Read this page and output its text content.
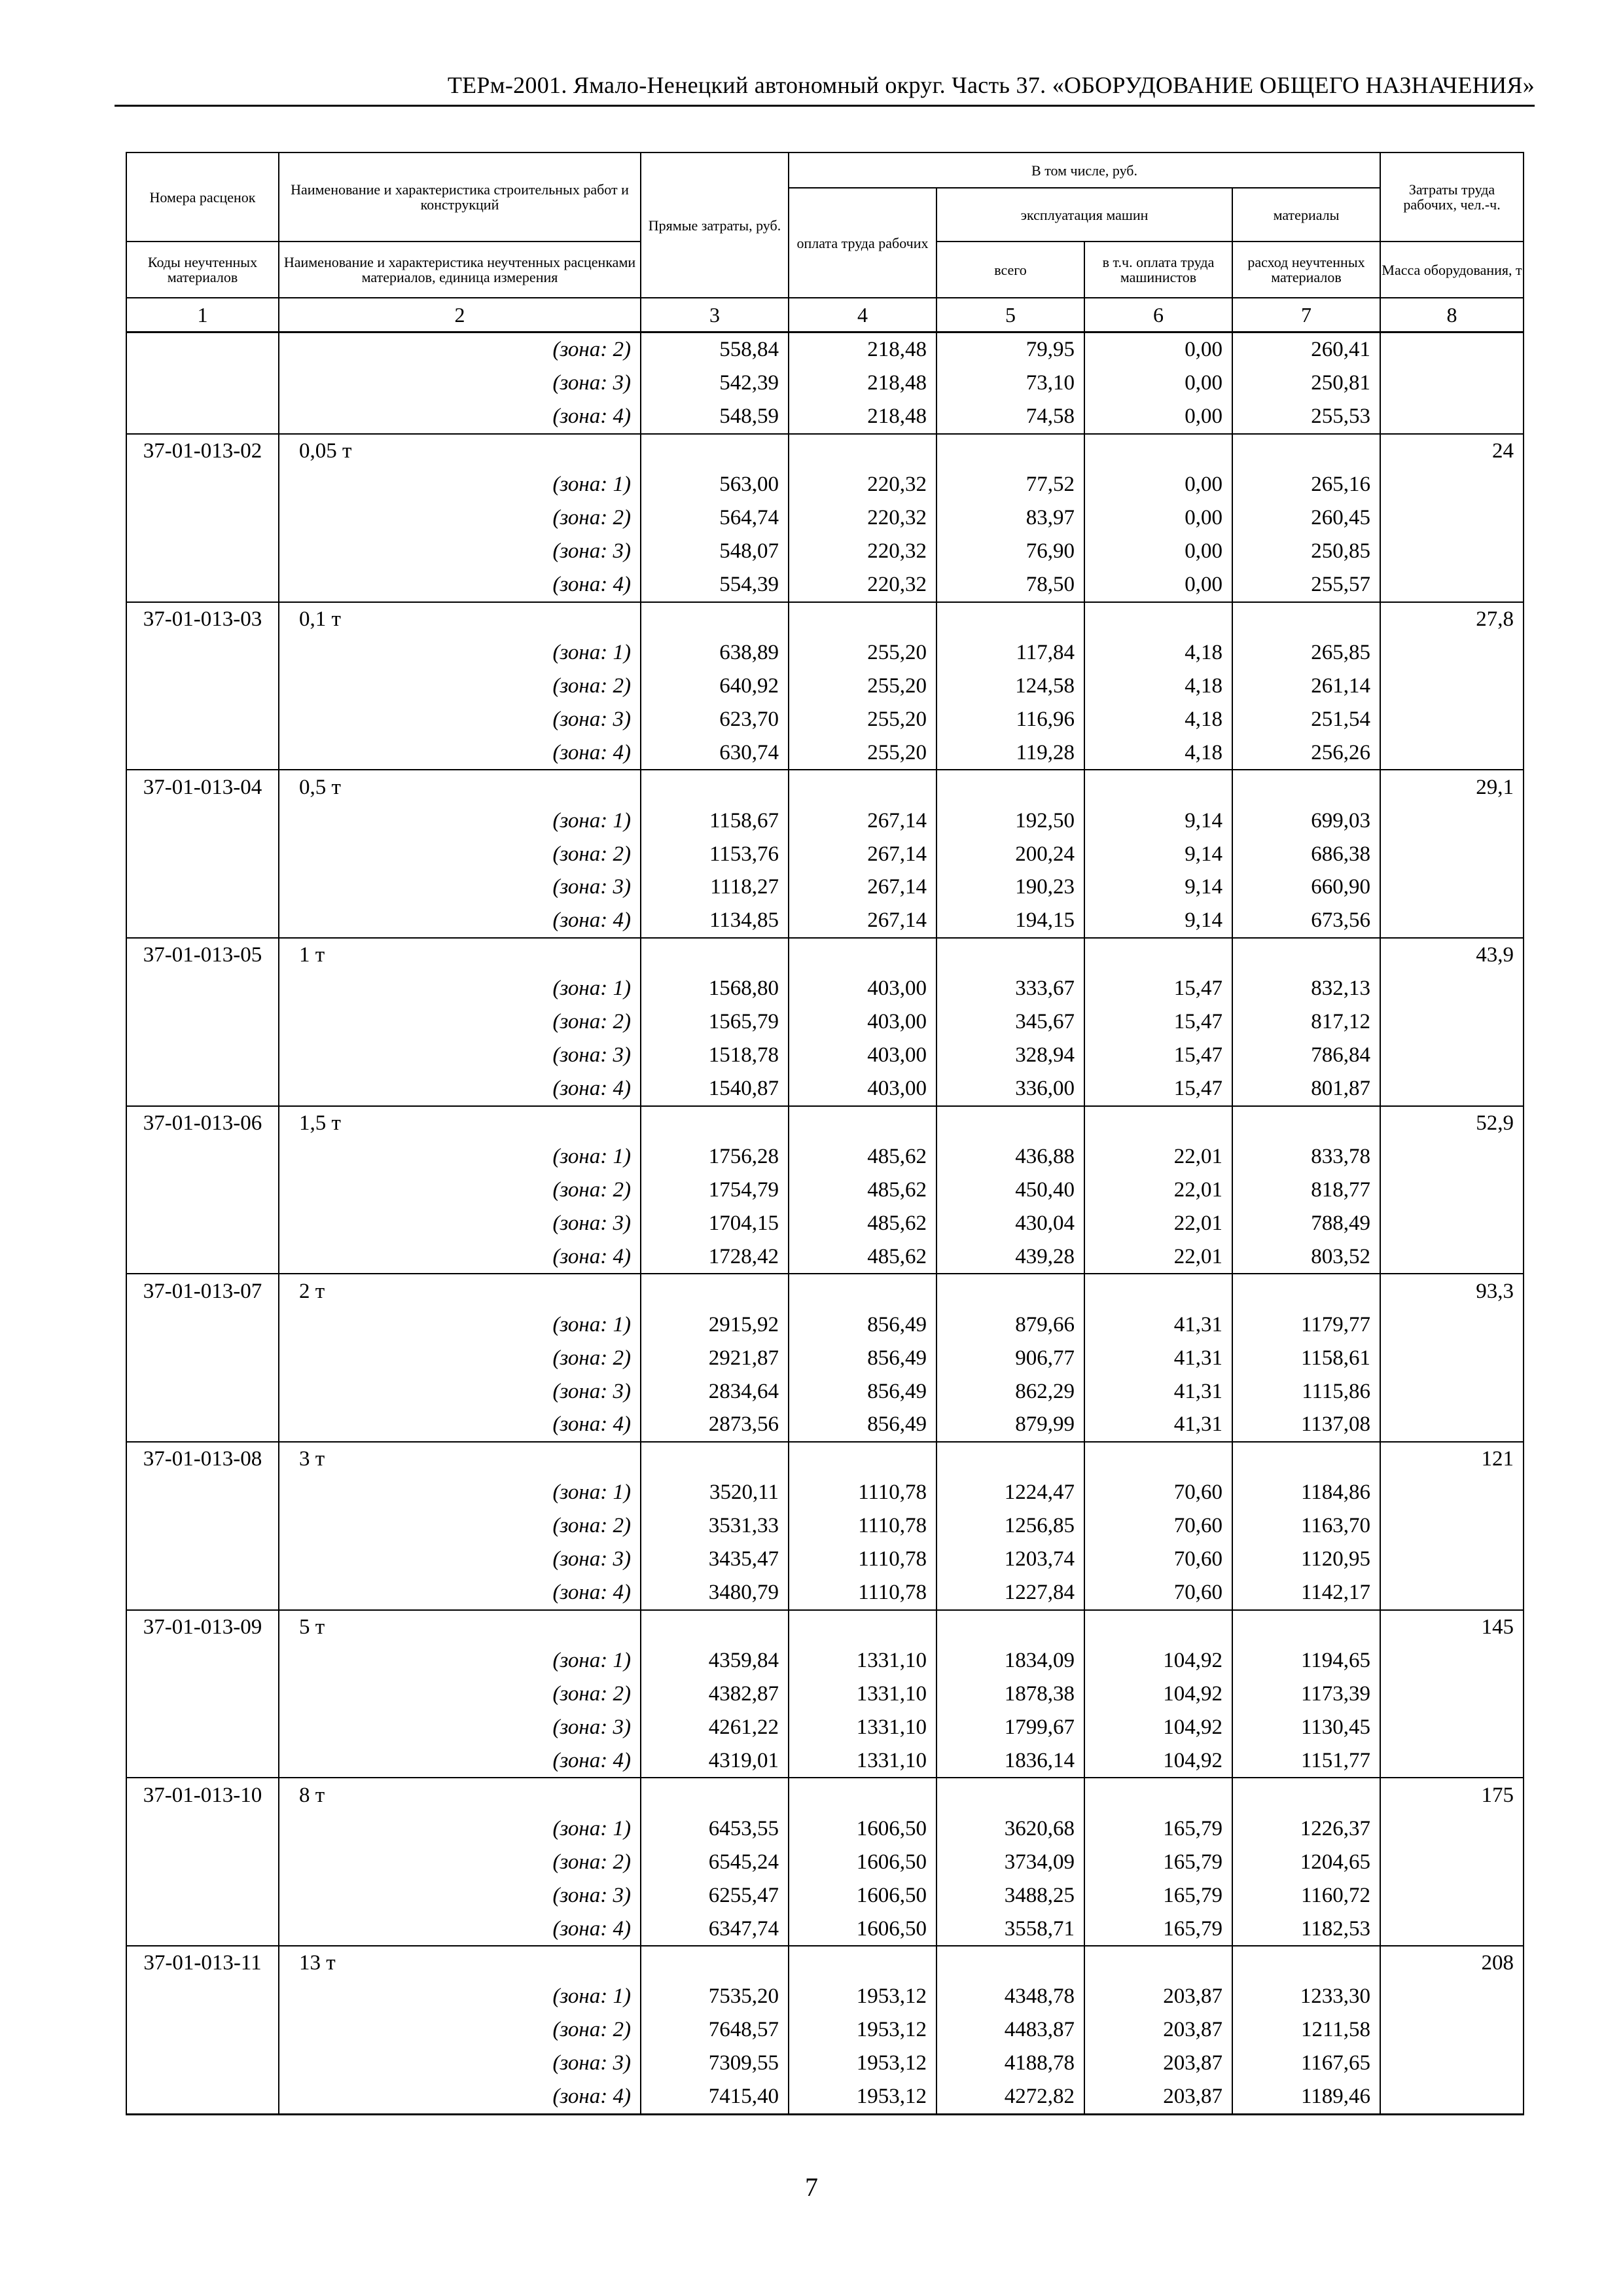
ТЕРм-2001. Ямало-Ненецкий автономный округ. Часть 37. «ОБОРУДОВАНИЕ ОБЩЕГО НАЗНАЧЕНИЯ»
Номера расценок	Наименование и характеристика строительных работ и конструкций	Прямые затраты, руб.	В том числе, руб.				Затраты труда рабочих, чел.-ч.
			оплата труда рабочих	эксплуатация машин		материалы	
Коды неучтенных материалов	Наименование и характеристика неучтенных расценками материалов, единица измерения			всего	в т.ч. оплата труда машинистов	расход неучтенных материалов	Масса оборудования, т
1	2	3	4	5	6	7	8
	(зона: 2)	558,84	218,48	79,95	0,00	260,41	
	(зона: 3)	542,39	218,48	73,10	0,00	250,81	
	(зона: 4)	548,59	218,48	74,58	0,00	255,53	
37-01-013-02	0,05 т						24
	(зона: 1)	563,00	220,32	77,52	0,00	265,16	
	(зона: 2)	564,74	220,32	83,97	0,00	260,45	
	(зона: 3)	548,07	220,32	76,90	0,00	250,85	
	(зона: 4)	554,39	220,32	78,50	0,00	255,57	
37-01-013-03	0,1 т						27,8
	(зона: 1)	638,89	255,20	117,84	4,18	265,85	
	(зона: 2)	640,92	255,20	124,58	4,18	261,14	
	(зона: 3)	623,70	255,20	116,96	4,18	251,54	
	(зона: 4)	630,74	255,20	119,28	4,18	256,26	
37-01-013-04	0,5 т						29,1
	(зона: 1)	1158,67	267,14	192,50	9,14	699,03	
	(зона: 2)	1153,76	267,14	200,24	9,14	686,38	
	(зона: 3)	1118,27	267,14	190,23	9,14	660,90	
	(зона: 4)	1134,85	267,14	194,15	9,14	673,56	
37-01-013-05	1 т						43,9
	(зона: 1)	1568,80	403,00	333,67	15,47	832,13	
	(зона: 2)	1565,79	403,00	345,67	15,47	817,12	
	(зона: 3)	1518,78	403,00	328,94	15,47	786,84	
	(зона: 4)	1540,87	403,00	336,00	15,47	801,87	
37-01-013-06	1,5 т						52,9
	(зона: 1)	1756,28	485,62	436,88	22,01	833,78	
	(зона: 2)	1754,79	485,62	450,40	22,01	818,77	
	(зона: 3)	1704,15	485,62	430,04	22,01	788,49	
	(зона: 4)	1728,42	485,62	439,28	22,01	803,52	
37-01-013-07	2 т						93,3
	(зона: 1)	2915,92	856,49	879,66	41,31	1179,77	
	(зона: 2)	2921,87	856,49	906,77	41,31	1158,61	
	(зона: 3)	2834,64	856,49	862,29	41,31	1115,86	
	(зона: 4)	2873,56	856,49	879,99	41,31	1137,08	
37-01-013-08	3 т						121
	(зона: 1)	3520,11	1110,78	1224,47	70,60	1184,86	
	(зона: 2)	3531,33	1110,78	1256,85	70,60	1163,70	
	(зона: 3)	3435,47	1110,78	1203,74	70,60	1120,95	
	(зона: 4)	3480,79	1110,78	1227,84	70,60	1142,17	
37-01-013-09	5 т						145
	(зона: 1)	4359,84	1331,10	1834,09	104,92	1194,65	
	(зона: 2)	4382,87	1331,10	1878,38	104,92	1173,39	
	(зона: 3)	4261,22	1331,10	1799,67	104,92	1130,45	
	(зона: 4)	4319,01	1331,10	1836,14	104,92	1151,77	
37-01-013-10	8 т						175
	(зона: 1)	6453,55	1606,50	3620,68	165,79	1226,37	
	(зона: 2)	6545,24	1606,50	3734,09	165,79	1204,65	
	(зона: 3)	6255,47	1606,50	3488,25	165,79	1160,72	
	(зона: 4)	6347,74	1606,50	3558,71	165,79	1182,53	
37-01-013-11	13 т						208
	(зона: 1)	7535,20	1953,12	4348,78	203,87	1233,30	
	(зона: 2)	7648,57	1953,12	4483,87	203,87	1211,58	
	(зона: 3)	7309,55	1953,12	4188,78	203,87	1167,65	
	(зона: 4)	7415,40	1953,12	4272,82	203,87	1189,46	
7
